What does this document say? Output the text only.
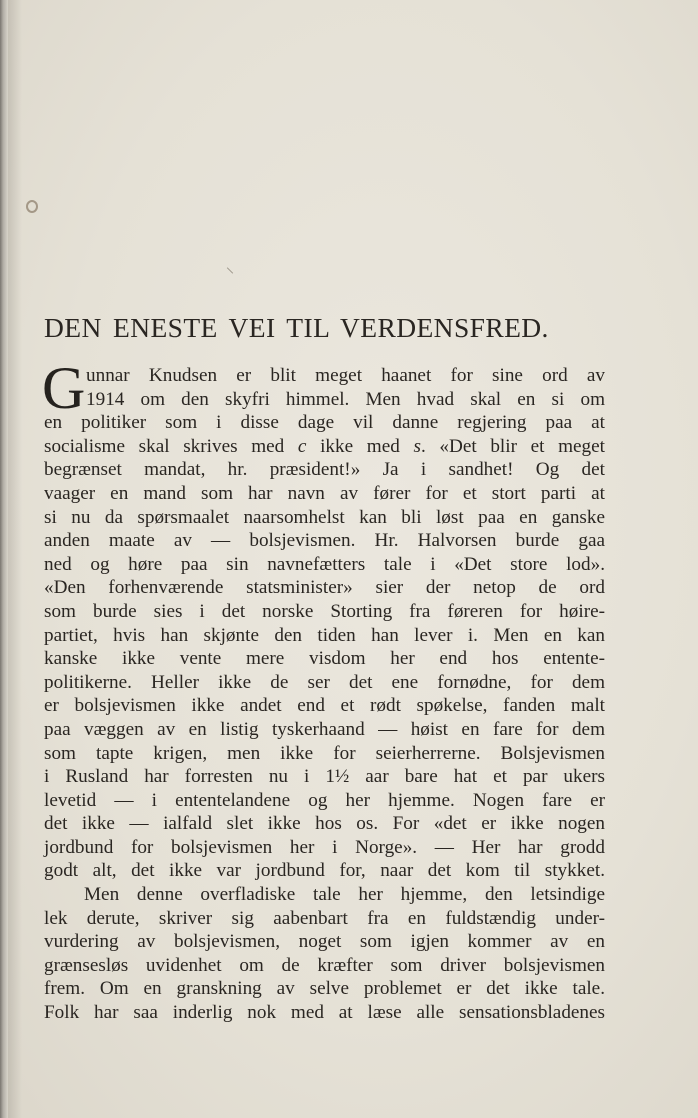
DEN ENESTE VEI TIL VERDENSFRED.
G unnar Knudsen er blit meget haanet for sine ord av
1914 om den skyfri himmel. Men hvad skal en si om
en politiker som i disse dage vil danne regjering paa at
socialisme skal skrives med c ikke med s. «Det blir et meget
begrænset mandat, hr. præsident!» Ja i sandhet! Og det
vaager en mand som har navn av fører for et stort parti at
si nu da spørsmaalet naarsomhelst kan bli løst paa en ganske
anden maate av — bolsjevismen. Hr. Halvorsen burde gaa
ned og høre paa sin navnefætters tale i «Det store lod».
«Den forhenværende statsminister» sier der netop de ord
som burde sies i det norske Storting fra føreren for høire-
partiet, hvis han skjønte den tiden han lever i. Men en kan
kanske ikke vente mere visdom her end hos entente-
politikerne. Heller ikke de ser det ene fornødne, for dem
er bolsjevismen ikke andet end et rødt spøkelse, fanden malt
paa væggen av en listig tyskerhaand — høist en fare for dem
som tapte krigen, men ikke for seierherrerne. Bolsjevismen
i Rusland har forresten nu i 1½ aar bare hat et par ukers
levetid — i ententelandene og her hjemme. Nogen fare er
det ikke — ialfald slet ikke hos os. For «det er ikke nogen
jordbund for bolsjevismen her i Norge». — Her har grodd
godt alt, det ikke var jordbund for, naar det kom til stykket.
Men denne overfladiske tale her hjemme, den letsindige
lek derute, skriver sig aabenbart fra en fuldstændig under-
vurdering av bolsjevismen, noget som igjen kommer av en
grænsesløs uvidenhet om de kræfter som driver bolsjevismen
frem. Om en granskning av selve problemet er det ikke tale.
Folk har saa inderlig nok med at læse alle sensationsbladenes
